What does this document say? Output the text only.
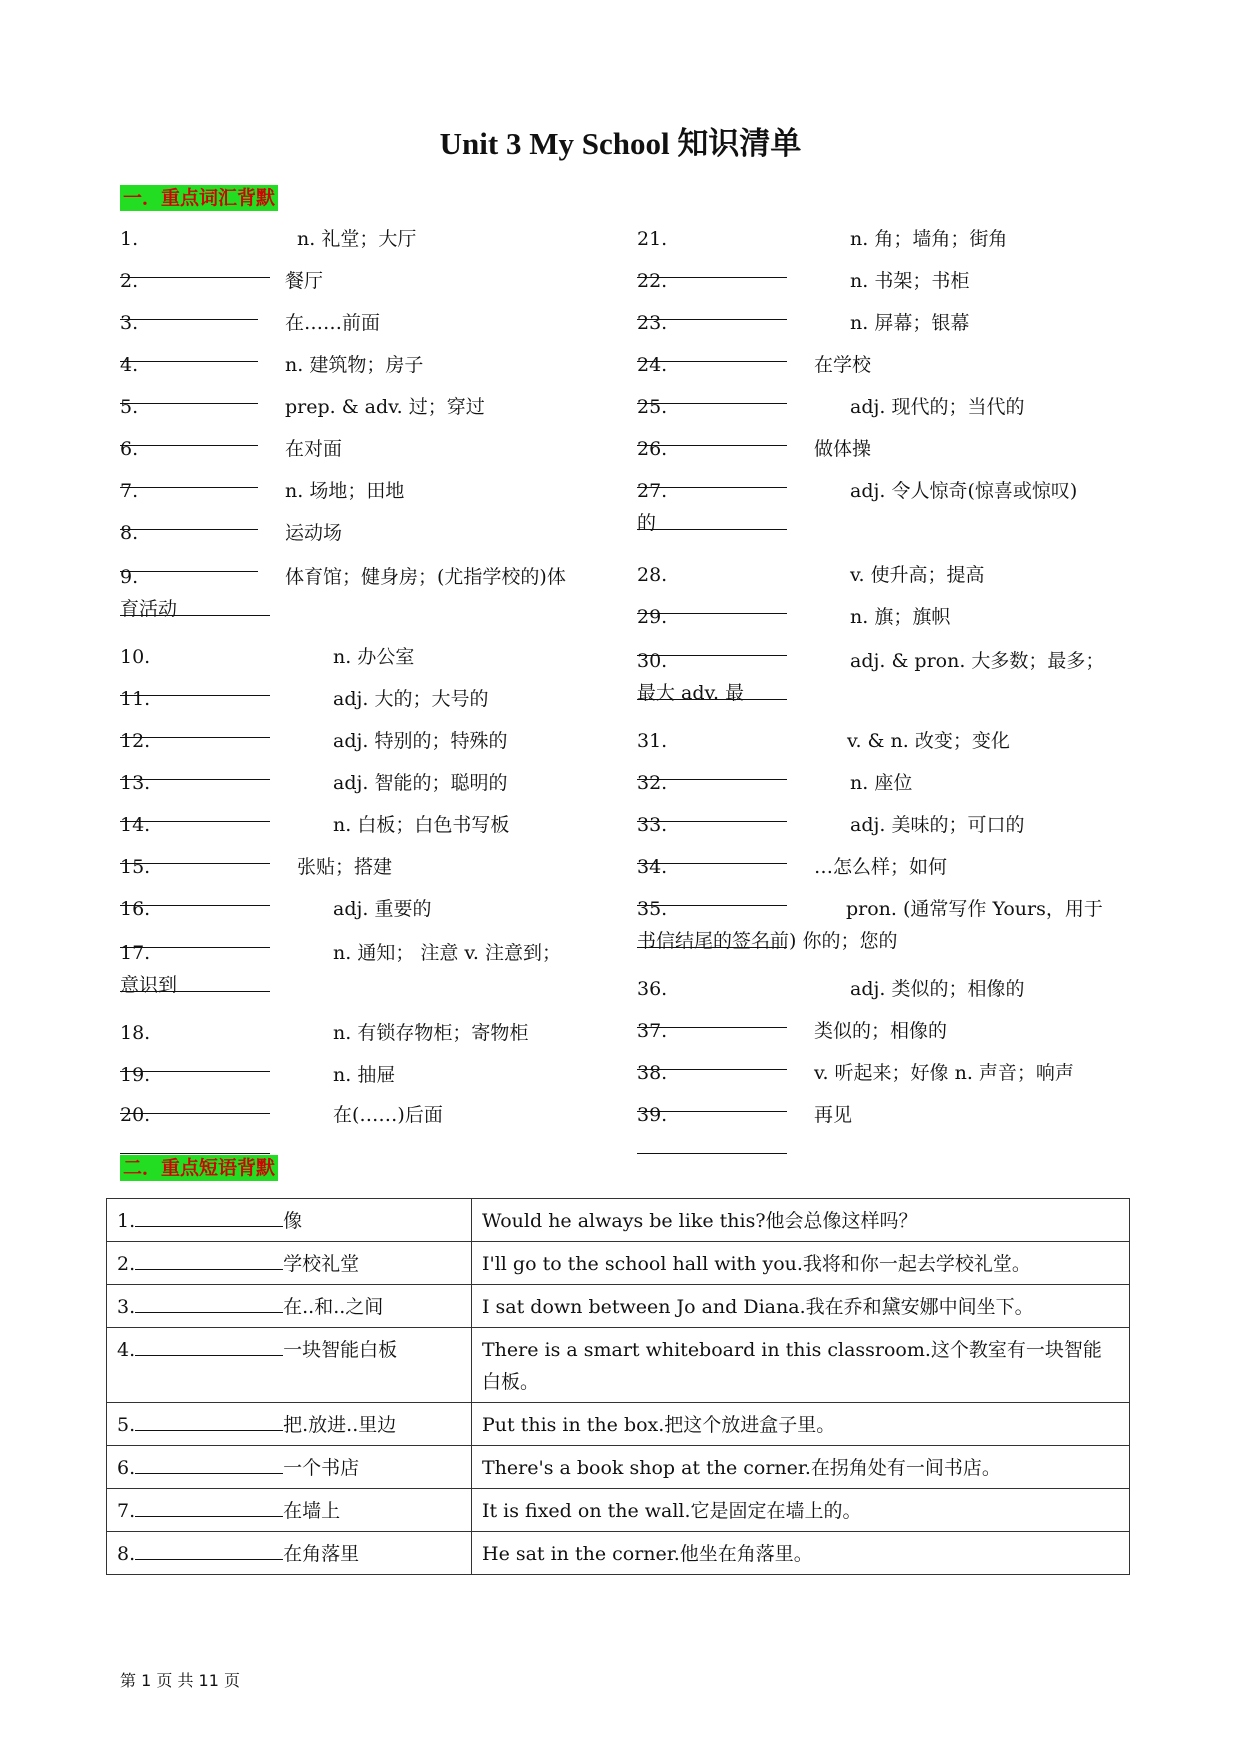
Unit 3 My School 知识清单
一．重点词汇背默
1.	n. 礼堂；大厅
2.	餐厅
3.	在……前面
4.	n. 建筑物；房子
5.	prep. & adv. 过；穿过
6.	在对面
7.	n. 场地；田地
8.	运动场
9.	体育馆；健身房；(尤指学校的)体
育活动
10.	n. 办公室
11.	adj. 大的；大号的
12.	adj. 特别的；特殊的
13.	adj. 智能的；聪明的
14.	n. 白板；白色书写板
15.	张贴；搭建
16.	adj. 重要的
17.	n. 通知； 注意 v. 注意到；
意识到
18.	n. 有锁存物柜；寄物柜
19.	n. 抽屉
20.	在(……)后面
21.	n. 角；墙角；街角
22.	n. 书架；书柜
23.	n. 屏幕；银幕
24.	在学校
25.	adj. 现代的；当代的
26.	做体操
27.	adj. 令人惊奇(惊喜或惊叹)
的
28.	v. 使升高；提高
29.	n. 旗；旗帜
30.	adj. & pron. 大多数；最多；
最大 adv. 最
31.	v. & n. 改变；变化
32.	n. 座位
33.	adj. 美味的；可口的
34.	…怎么样；如何
35.	pron. (通常写作 Yours，用于
书信结尾的签名前) 你的；您的
36.	adj. 类似的；相像的
37.	类似的；相像的
38.	v. 听起来；好像 n. 声音；响声
39.	再见
二．重点短语背默
1. 像	Would he always be like this?他会总像这样吗？
2. 学校礼堂	I'll go to the school hall with you.我将和你一起去学校礼堂。
3. 在..和..之间	I sat down between Jo and Diana.我在乔和黛安娜中间坐下。
4. 一块智能白板	There is a smart whiteboard in this classroom.这个教室有一块智能白板。
5. 把.放进..里边	Put this in the box.把这个放进盒子里。
6. 一个书店	There's a book shop at the corner.在拐角处有一间书店。
7. 在墙上	It is fixed on the wall.它是固定在墙上的。
8. 在角落里	He sat in the corner.他坐在角落里。
第 1 页 共 11 页
